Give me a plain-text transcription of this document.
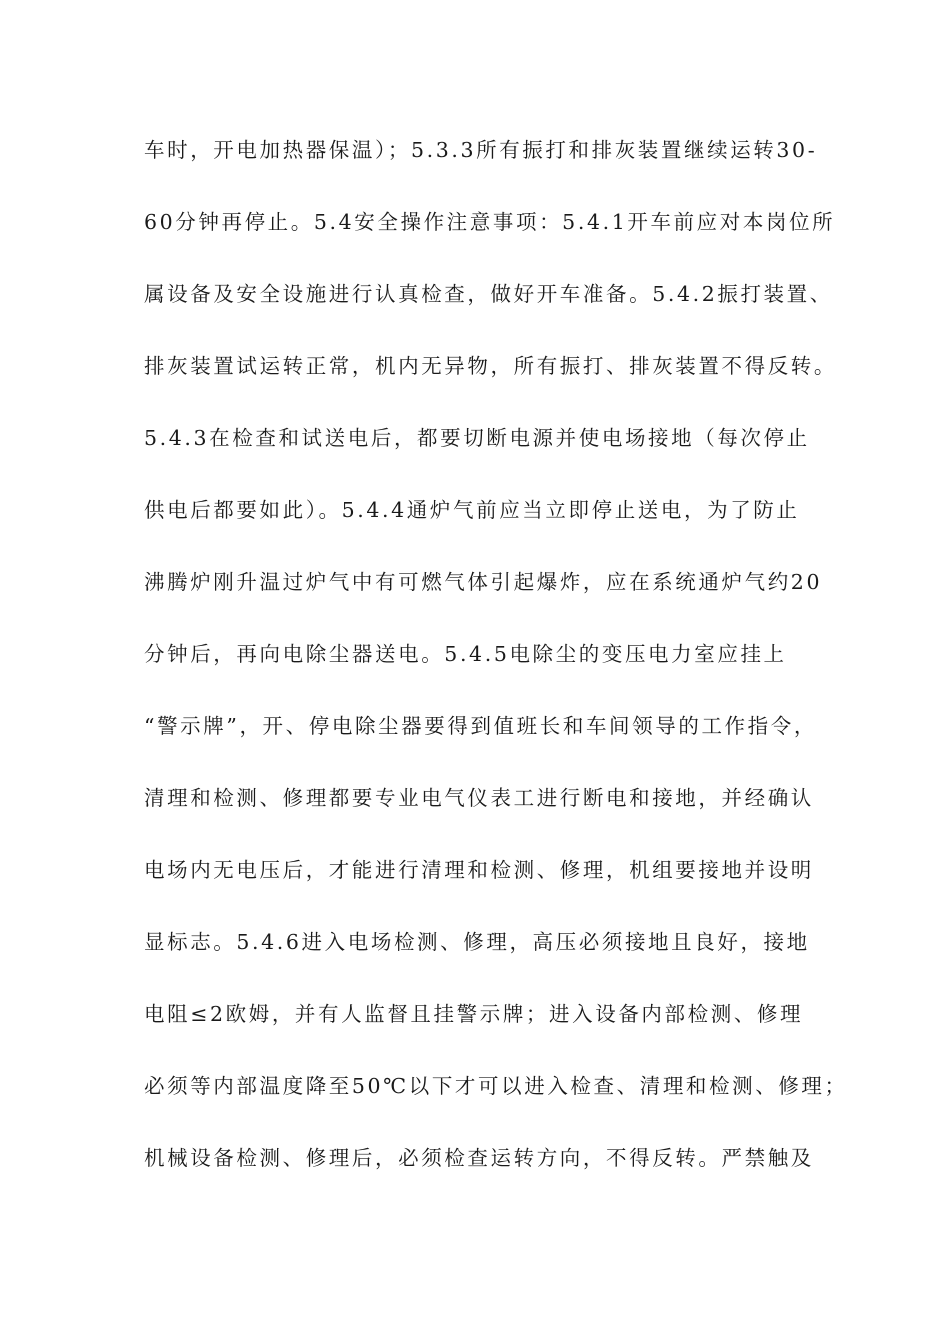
车时，开电加热器保温）；5.3.3所有振打和排灰装置继续运转30-
60分钟再停止。5.4安全操作注意事项：5.4.1开车前应对本岗位所
属设备及安全设施进行认真检查，做好开车准备。5.4.2振打装置、
排灰装置试运转正常，机内无异物，所有振打、排灰装置不得反转。
5.4.3在检查和试送电后，都要切断电源并使电场接地（每次停止
供电后都要如此）。5.4.4通炉气前应当立即停止送电，为了防止
沸腾炉刚升温过炉气中有可燃气体引起爆炸，应在系统通炉气约20
分钟后，再向电除尘器送电。5.4.5电除尘的变压电力室应挂上
“警示牌”，开、停电除尘器要得到值班长和车间领导的工作指令，
清理和检测、修理都要专业电气仪表工进行断电和接地，并经确认
电场内无电压后，才能进行清理和检测、修理，机组要接地并设明
显标志。5.4.6进入电场检测、修理，高压必须接地且良好，接地
电阻≤2欧姆，并有人监督且挂警示牌；进入设备内部检测、修理
必须等内部温度降至50℃以下才可以进入检查、清理和检测、修理；
机械设备检测、修理后，必须检查运转方向，不得反转。严禁触及
